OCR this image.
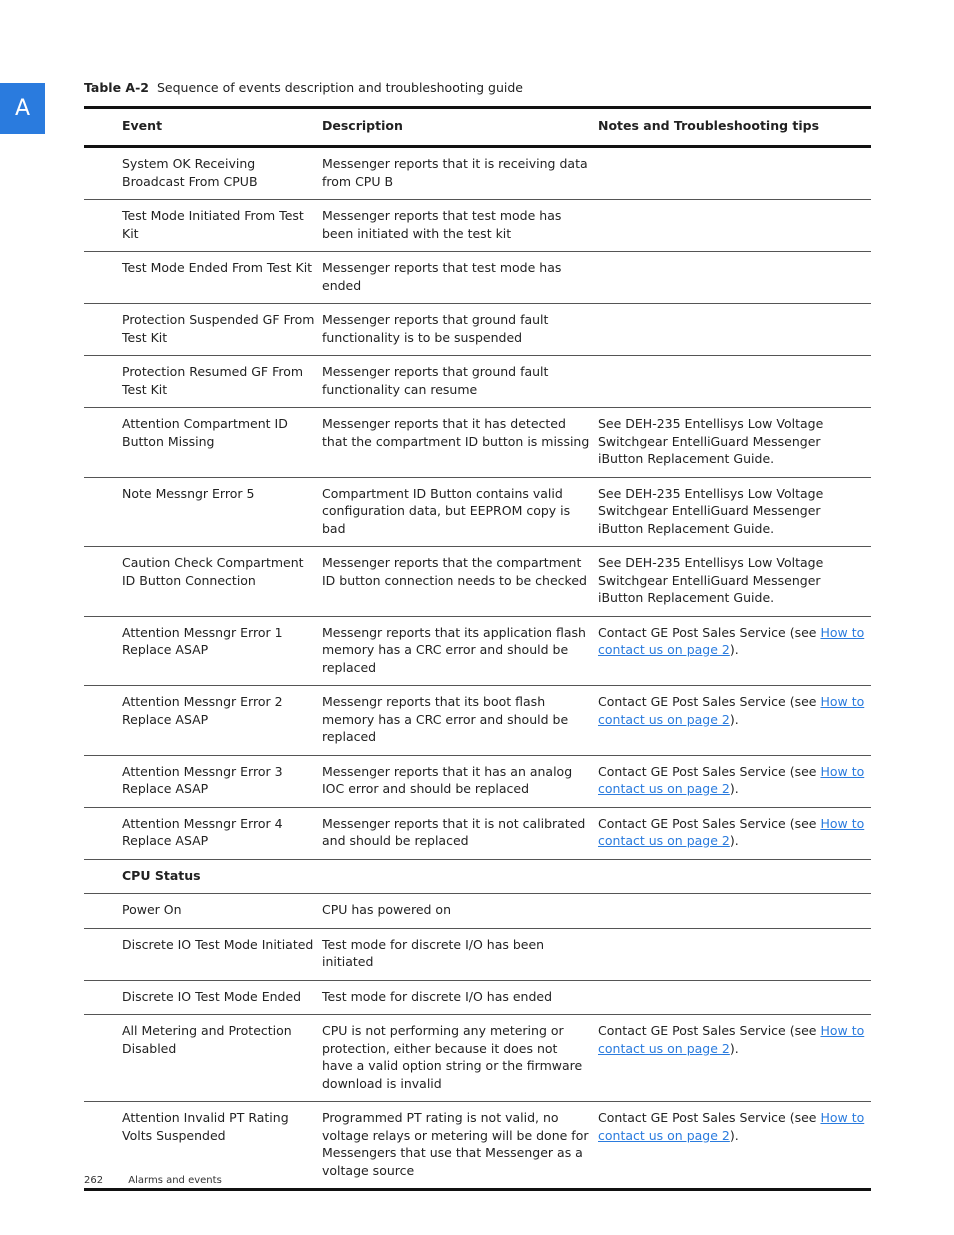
A
Table A-2 Sequence of events description and troubleshooting guide
Event	Description	Notes and Troubleshooting tips
System OK Receiving Broadcast From CPUB	Messenger reports that it is receiving data from CPU B	
Test Mode Initiated From Test Kit	Messenger reports that test mode has been initiated with the test kit	
Test Mode Ended From Test Kit	Messenger reports that test mode has ended	
Protection Suspended GF From Test Kit	Messenger reports that ground fault functionality is to be suspended	
Protection Resumed GF From Test Kit	Messenger reports that ground fault functionality can resume	
Attention Compartment ID Button Missing	Messenger reports that it has detected that the compartment ID button is missing	See DEH-235 Entellisys Low Voltage Switchgear EntelliGuard Messenger iButton Replacement Guide.
Note Messngr Error 5	Compartment ID Button contains valid configuration data, but EEPROM copy is bad	See DEH-235 Entellisys Low Voltage Switchgear EntelliGuard Messenger iButton Replacement Guide.
Caution Check Compartment ID Button Connection	Messenger reports that the compartment ID button connection needs to be checked	See DEH-235 Entellisys Low Voltage Switchgear EntelliGuard Messenger iButton Replacement Guide.
Attention Messngr Error 1 Replace ASAP	Messengr reports that its application flash memory has a CRC error and should be replaced	Contact GE Post Sales Service (see How to contact us on page 2).
Attention Messngr Error 2 Replace ASAP	Messengr reports that its boot flash memory has a CRC error and should be replaced	Contact GE Post Sales Service (see How to contact us on page 2).
Attention Messngr Error 3 Replace ASAP	Messenger reports that it has an analog IOC error and should be replaced	Contact GE Post Sales Service (see How to contact us on page 2).
Attention Messngr Error 4 Replace ASAP	Messenger reports that it is not calibrated and should be replaced	Contact GE Post Sales Service (see How to contact us on page 2).
CPU Status		
Power On	CPU has powered on	
Discrete IO Test Mode Initiated	Test mode for discrete I/O has been initiated	
Discrete IO Test Mode Ended	Test mode for discrete I/O has ended	
All Metering and Protection Disabled	CPU is not performing any metering or protection, either because it does not have a valid option string or the firmware download is invalid	Contact GE Post Sales Service (see How to contact us on page 2).
Attention Invalid PT Rating Volts Suspended	Programmed PT rating is not valid, no voltage relays or metering will be done for Messengers that use that Messenger as a voltage source	Contact GE Post Sales Service (see How to contact us on page 2).
262	Alarms and events
